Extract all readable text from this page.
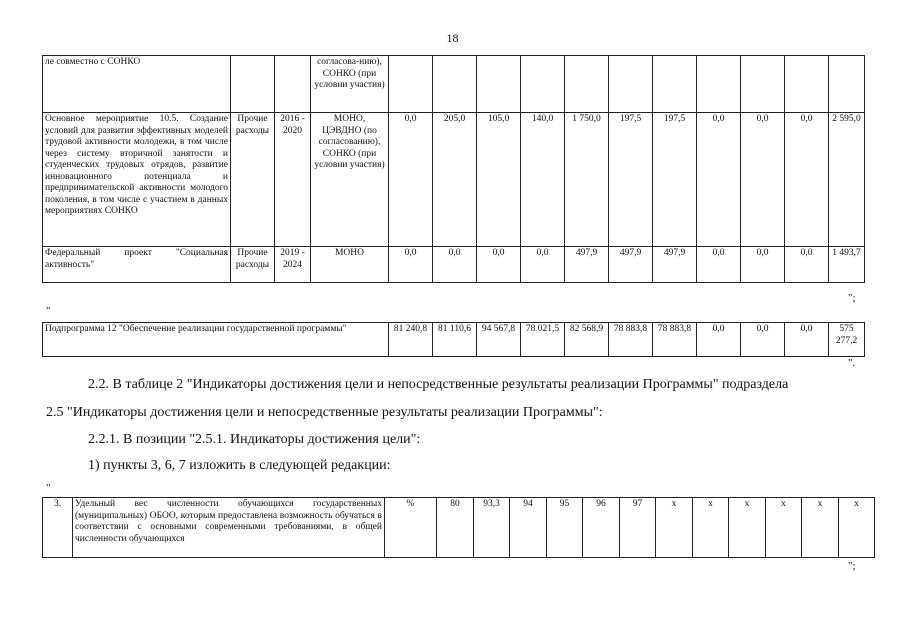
18
ле совместно с СОНКО			согласова-нию), СОНКО (при условии участия)											
Основное мероприятие 10.5. Создание условий для развития эффективных моделей трудовой активности молодежи, в том числе через систему вторичной занятости и студенческих трудовых отрядов, развитие инновационного потенциала и предпринимательской активности молодого поколения, в том числе с участием в данных мероприятиях СОНКО	Прочие расходы	2016 - 2020	МОНО, ЦЭВДНО (по согласованию), СОНКО (при условии участия)	0,0	205,0	105,0	140,0	1 750,0	197,5	197,5	0,0	0,0	0,0	2 595,0
Федеральный проект "Социальная активность"	Прочие расходы	2019 - 2024	МОНО	0,0	0,0	0,0	0,0	497,9	497,9	497,9	0,0	0,0	0,0	1 493,7
";
"
Подпрограмма 12 "Обеспечение реализации государственной программы"	81 240,8	81 110,6	94 567,8	78 021,5	82 568,9	78 883,8	78 883,8	0,0	0,0	0,0	575 277,2
".
2.2. В таблице 2 "Индикаторы достижения цели и непосредственные результаты реализации Программы" подраздела
2.5 "Индикаторы достижения цели и непосредственные результаты реализации Программы":
2.2.1. В позиции "2.5.1. Индикаторы достижения цели":
1) пункты 3, 6, 7 изложить в следующей редакции:
"
3.	Удельный вес численности обучающихся государственных (муниципальных) ОБОО, которым предоставлена возможность обучаться в соответствии с основными современными требованиями, в общей численности обучающихся	%	80	93,3	94	95	96	97	x	x	x	x	x	x
";
